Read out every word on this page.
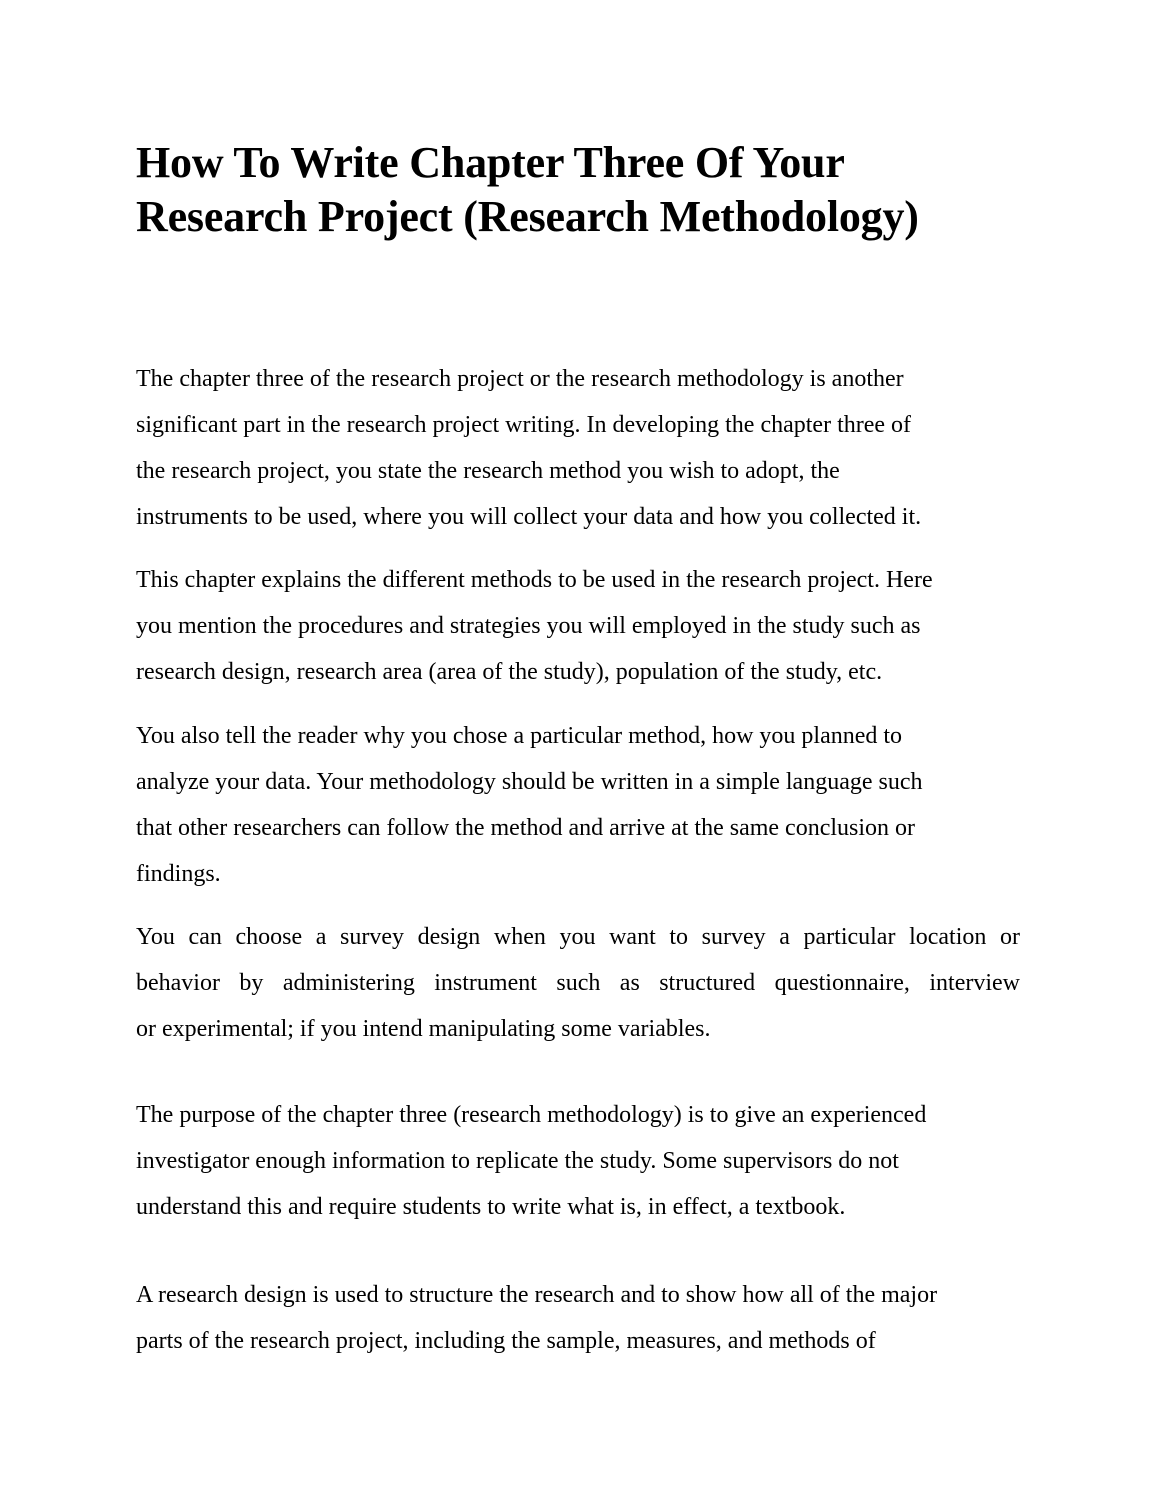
How To Write Chapter Three Of Your
Research Project (Research Methodology)

The chapter three of the research project or the research methodology is another
significant part in the research project writing. In developing the chapter three of
the research project, you state the research method you wish to adopt, the
instruments to be used, where you will collect your data and how you collected it.

This chapter explains the different methods to be used in the research project. Here
you mention the procedures and strategies you will employed in the study such as
research design, research area (area of the study), population of the study, etc.

You also tell the reader why you chose a particular method, how you planned to
analyze your data. Your methodology should be written in a simple language such
that other researchers can follow the method and arrive at the same conclusion or
findings.

You can choose a survey design when you want to survey a particular location or
behavior by administering instrument such as structured questionnaire, interview
or experimental; if you intend manipulating some variables.

The purpose of the chapter three (research methodology) is to give an experienced
investigator enough information to replicate the study. Some supervisors do not
understand this and require students to write what is, in effect, a textbook.

A research design is used to structure the research and to show how all of the major
parts of the research project, including the sample, measures, and methods of
